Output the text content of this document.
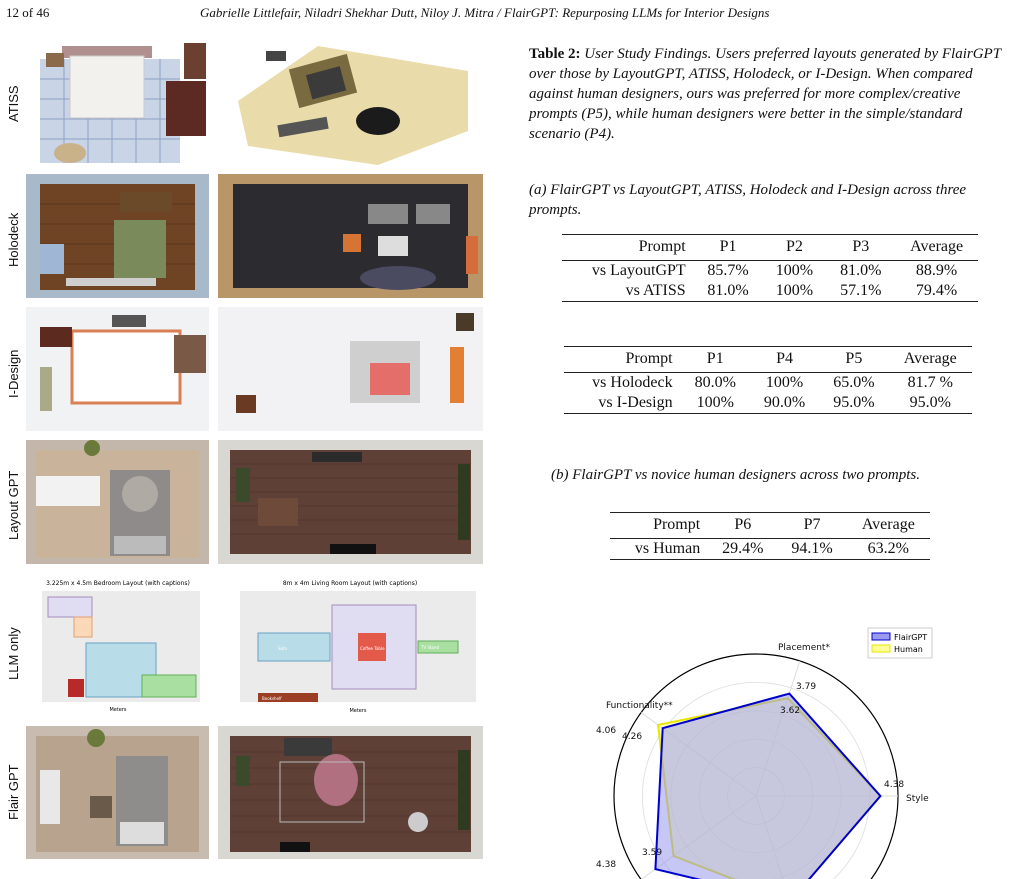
12 of 46	Gabrielle Littlefair, Niladri Shekhar Dutt, Niloy J. Mitra / FlairGPT: Repurposing LLMs for Interior Designs
ATISS
Holodeck
I-Design
Layout GPT
LLM only
Flair GPT
3.225m x 4.5m Bedroom Layout (with captions)
Meters
8m x 4m Living Room Layout (with captions)
Sofa	Coffee Table	TV Stand
Bookshelf
Meters
Table 2: User Study Findings. Users preferred layouts generated by FlairGPT over those by LayoutGPT, ATISS, Holodeck, or I-Design. When compared against human designers, ours was preferred for more complex/creative prompts (P5), while human designers were better in the simple/standard scenario (P4).
(a) FlairGPT vs LayoutGPT, ATISS, Holodeck and I-Design across three prompts.
Prompt	P1	P2	P3	Average
vs LayoutGPT	85.7%	100%	81.0%	88.9%
vs ATISS	81.0%	100%	57.1%	79.4%
Prompt	P1	P4	P5	Average
vs Holodeck	80.0%	100%	65.0%	81.7 %
vs I-Design	100%	90.0%	95.0%	95.0%
(b) FlairGPT vs novice human designers across two prompts.
Prompt	P6	P7	Average
vs Human	29.4%	94.1%	63.2%
Placement*
Style
Functionality**
3.79
3.62
4.06
4.26
4.38
4.38
3.59
FlairGPT
Human
